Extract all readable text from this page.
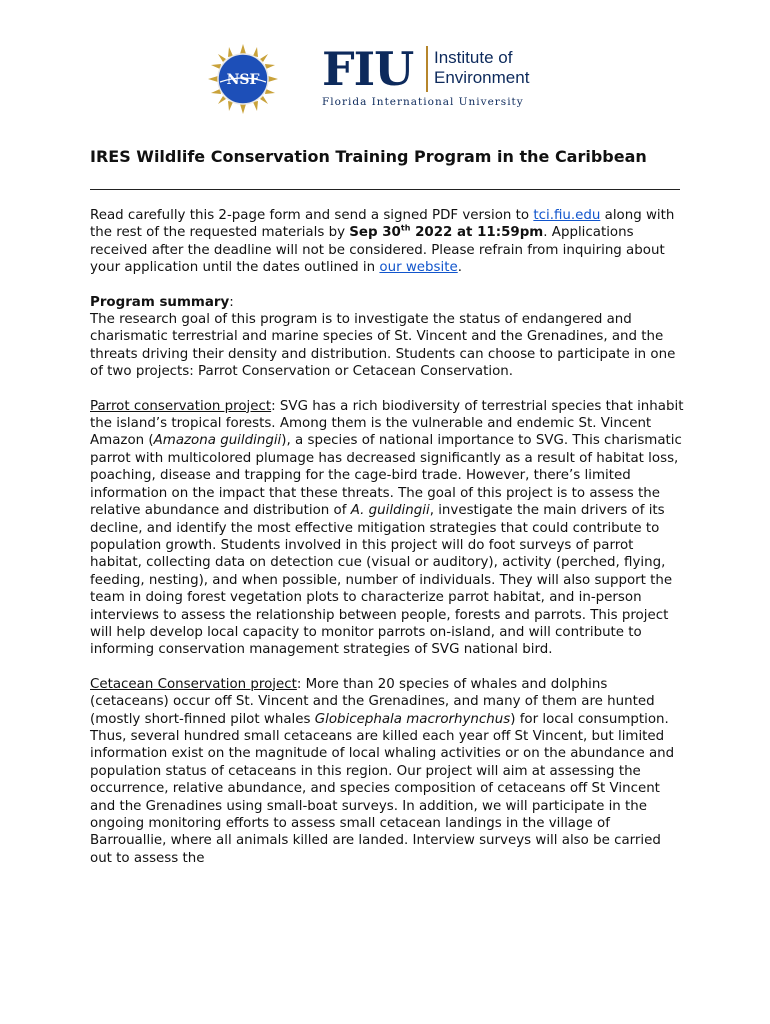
NSF FIU Institute of
Environment
Florida International University
IRES Wildlife Conservation Training Program in the Caribbean

Read carefully this 2-page form and send a signed PDF version to tci.fiu.edu along with the rest of the requested materials by Sep 30th 2022 at 11:59pm. Applications received after the deadline will not be considered. Please refrain from inquiring about your application until the dates outlined in our website.

Program summary:
The research goal of this program is to investigate the status of endangered and charismatic terrestrial and marine species of St. Vincent and the Grenadines, and the threats driving their density and distribution. Students can choose to participate in one of two projects: Parrot Conservation or Cetacean Conservation.

Parrot conservation project: SVG has a rich biodiversity of terrestrial species that inhabit the island’s tropical forests. Among them is the vulnerable and endemic St. Vincent Amazon (Amazona guildingii), a species of national importance to SVG. This charismatic parrot with multicolored plumage has decreased significantly as a result of habitat loss, poaching, disease and trapping for the cage-bird trade. However, there’s limited information on the impact that these threats. The goal of this project is to assess the relative abundance and distribution of A. guildingii, investigate the main drivers of its decline, and identify the most effective mitigation strategies that could contribute to population growth. Students involved in this project will do foot surveys of parrot habitat, collecting data on detection cue (visual or auditory), activity (perched, flying, feeding, nesting), and when possible, number of individuals. They will also support the team in doing forest vegetation plots to characterize parrot habitat, and in-person interviews to assess the relationship between people, forests and parrots. This project will help develop local capacity to monitor parrots on-island, and will contribute to informing conservation management strategies of SVG national bird.

Cetacean Conservation project: More than 20 species of whales and dolphins (cetaceans) occur off St. Vincent and the Grenadines, and many of them are hunted (mostly short-finned pilot whales Globicephala macrorhynchus) for local consumption. Thus, several hundred small cetaceans are killed each year off St Vincent, but limited information exist on the magnitude of local whaling activities or on the abundance and population status of cetaceans in this region. Our project will aim at assessing the occurrence, relative abundance, and species composition of cetaceans off St Vincent and the Grenadines using small-boat surveys. In addition, we will participate in the ongoing monitoring efforts to assess small cetacean landings in the village of Barrouallie, where all animals killed are landed. Interview surveys will also be carried out to assess the
